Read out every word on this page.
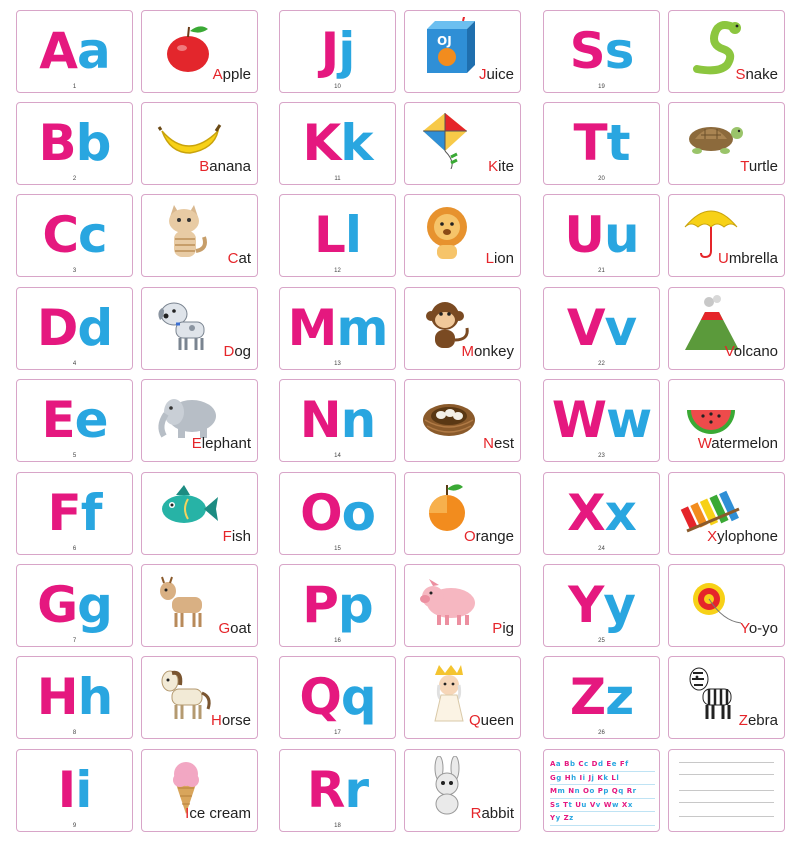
Aa
1
Apple
Bb
2
Banana
Cc
3
Cat
Dd
4
Dog
Ee
5
Elephant
Ff
6
Fish
Gg
7
Goat
Hh
8
Horse
Ii
9
Ice cream
Jj
10
OJ
Juice
Kk
11
Kite
Ll
12
Lion
Mm
13
Monkey
Nn
14
Nest
Oo
15
Orange
Pp
16
Pig
Qq
17
Queen
Rr
18
Rabbit
Ss
19
Snake
Tt
20
Turtle
Uu
21
Umbrella
Vv
22
Volcano
Ww
23
Watermelon
Xx
24
Xylophone
Yy
25
Yo-yo
Zz
26
Zebra
Aa Bb Cc Dd Ee Ff
Gg Hh Ii Jj Kk Ll
Mm Nn Oo Pp Qq Rr
Ss Tt Uu Vv Ww Xx
Yy Zz
